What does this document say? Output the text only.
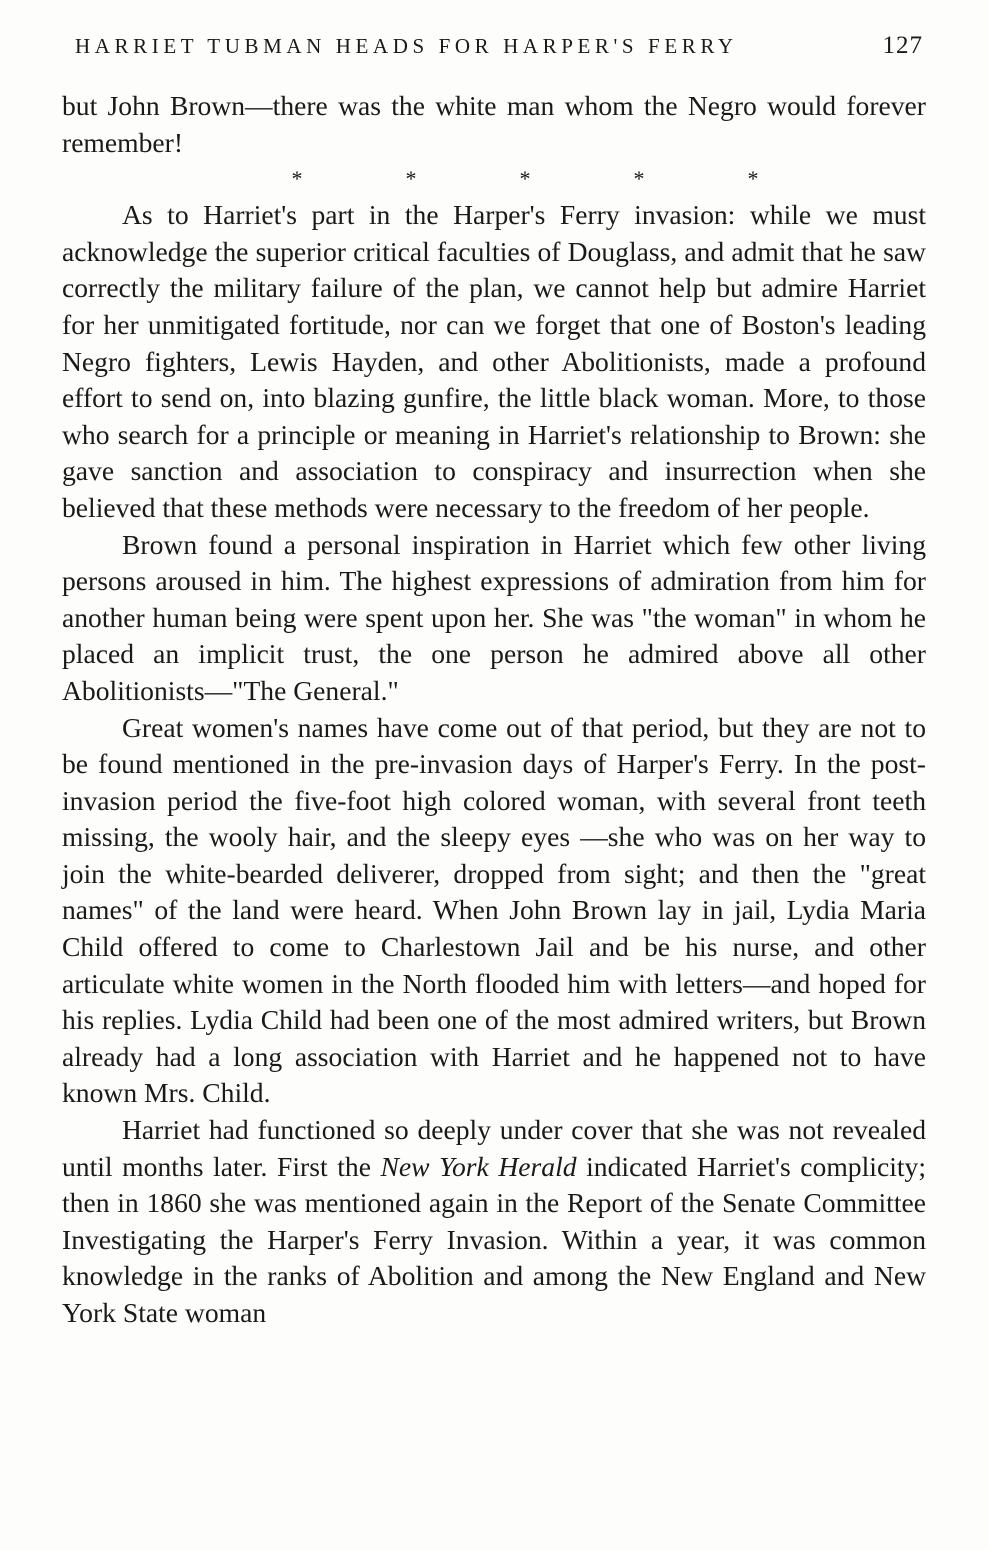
HARRIET TUBMAN HEADS FOR HARPER'S FERRY	127

but John Brown—there was the white man whom the Negro would forever remember!

*	*	*	*	*

As to Harriet's part in the Harper's Ferry invasion: while we must acknowledge the superior critical faculties of Douglass, and admit that he saw correctly the military failure of the plan, we cannot help but admire Harriet for her unmitigated fortitude, nor can we forget that one of Boston's leading Negro fighters, Lewis Hayden, and other Abolitionists, made a profound effort to send on, into blazing gunfire, the little black woman. More, to those who search for a principle or meaning in Harriet's relationship to Brown: she gave sanction and association to conspiracy and insurrection when she believed that these methods were necessary to the freedom of her people.

Brown found a personal inspiration in Harriet which few other living persons aroused in him. The highest expressions of admiration from him for another human being were spent upon her. She was "the woman" in whom he placed an implicit trust, the one person he admired above all other Abolitionists—"The General."

Great women's names have come out of that period, but they are not to be found mentioned in the pre-invasion days of Harper's Ferry. In the post-invasion period the five-foot high colored woman, with several front teeth missing, the wooly hair, and the sleepy eyes —she who was on her way to join the white-bearded deliverer, dropped from sight; and then the "great names" of the land were heard. When John Brown lay in jail, Lydia Maria Child offered to come to Charlestown Jail and be his nurse, and other articulate white women in the North flooded him with letters—and hoped for his replies. Lydia Child had been one of the most admired writers, but Brown already had a long association with Harriet and he happened not to have known Mrs. Child.

Harriet had functioned so deeply under cover that she was not revealed until months later. First the New York Herald indicated Harriet's complicity; then in 1860 she was mentioned again in the Report of the Senate Committee Investigating the Harper's Ferry Invasion. Within a year, it was common knowledge in the ranks of Abolition and among the New England and New York State woman
